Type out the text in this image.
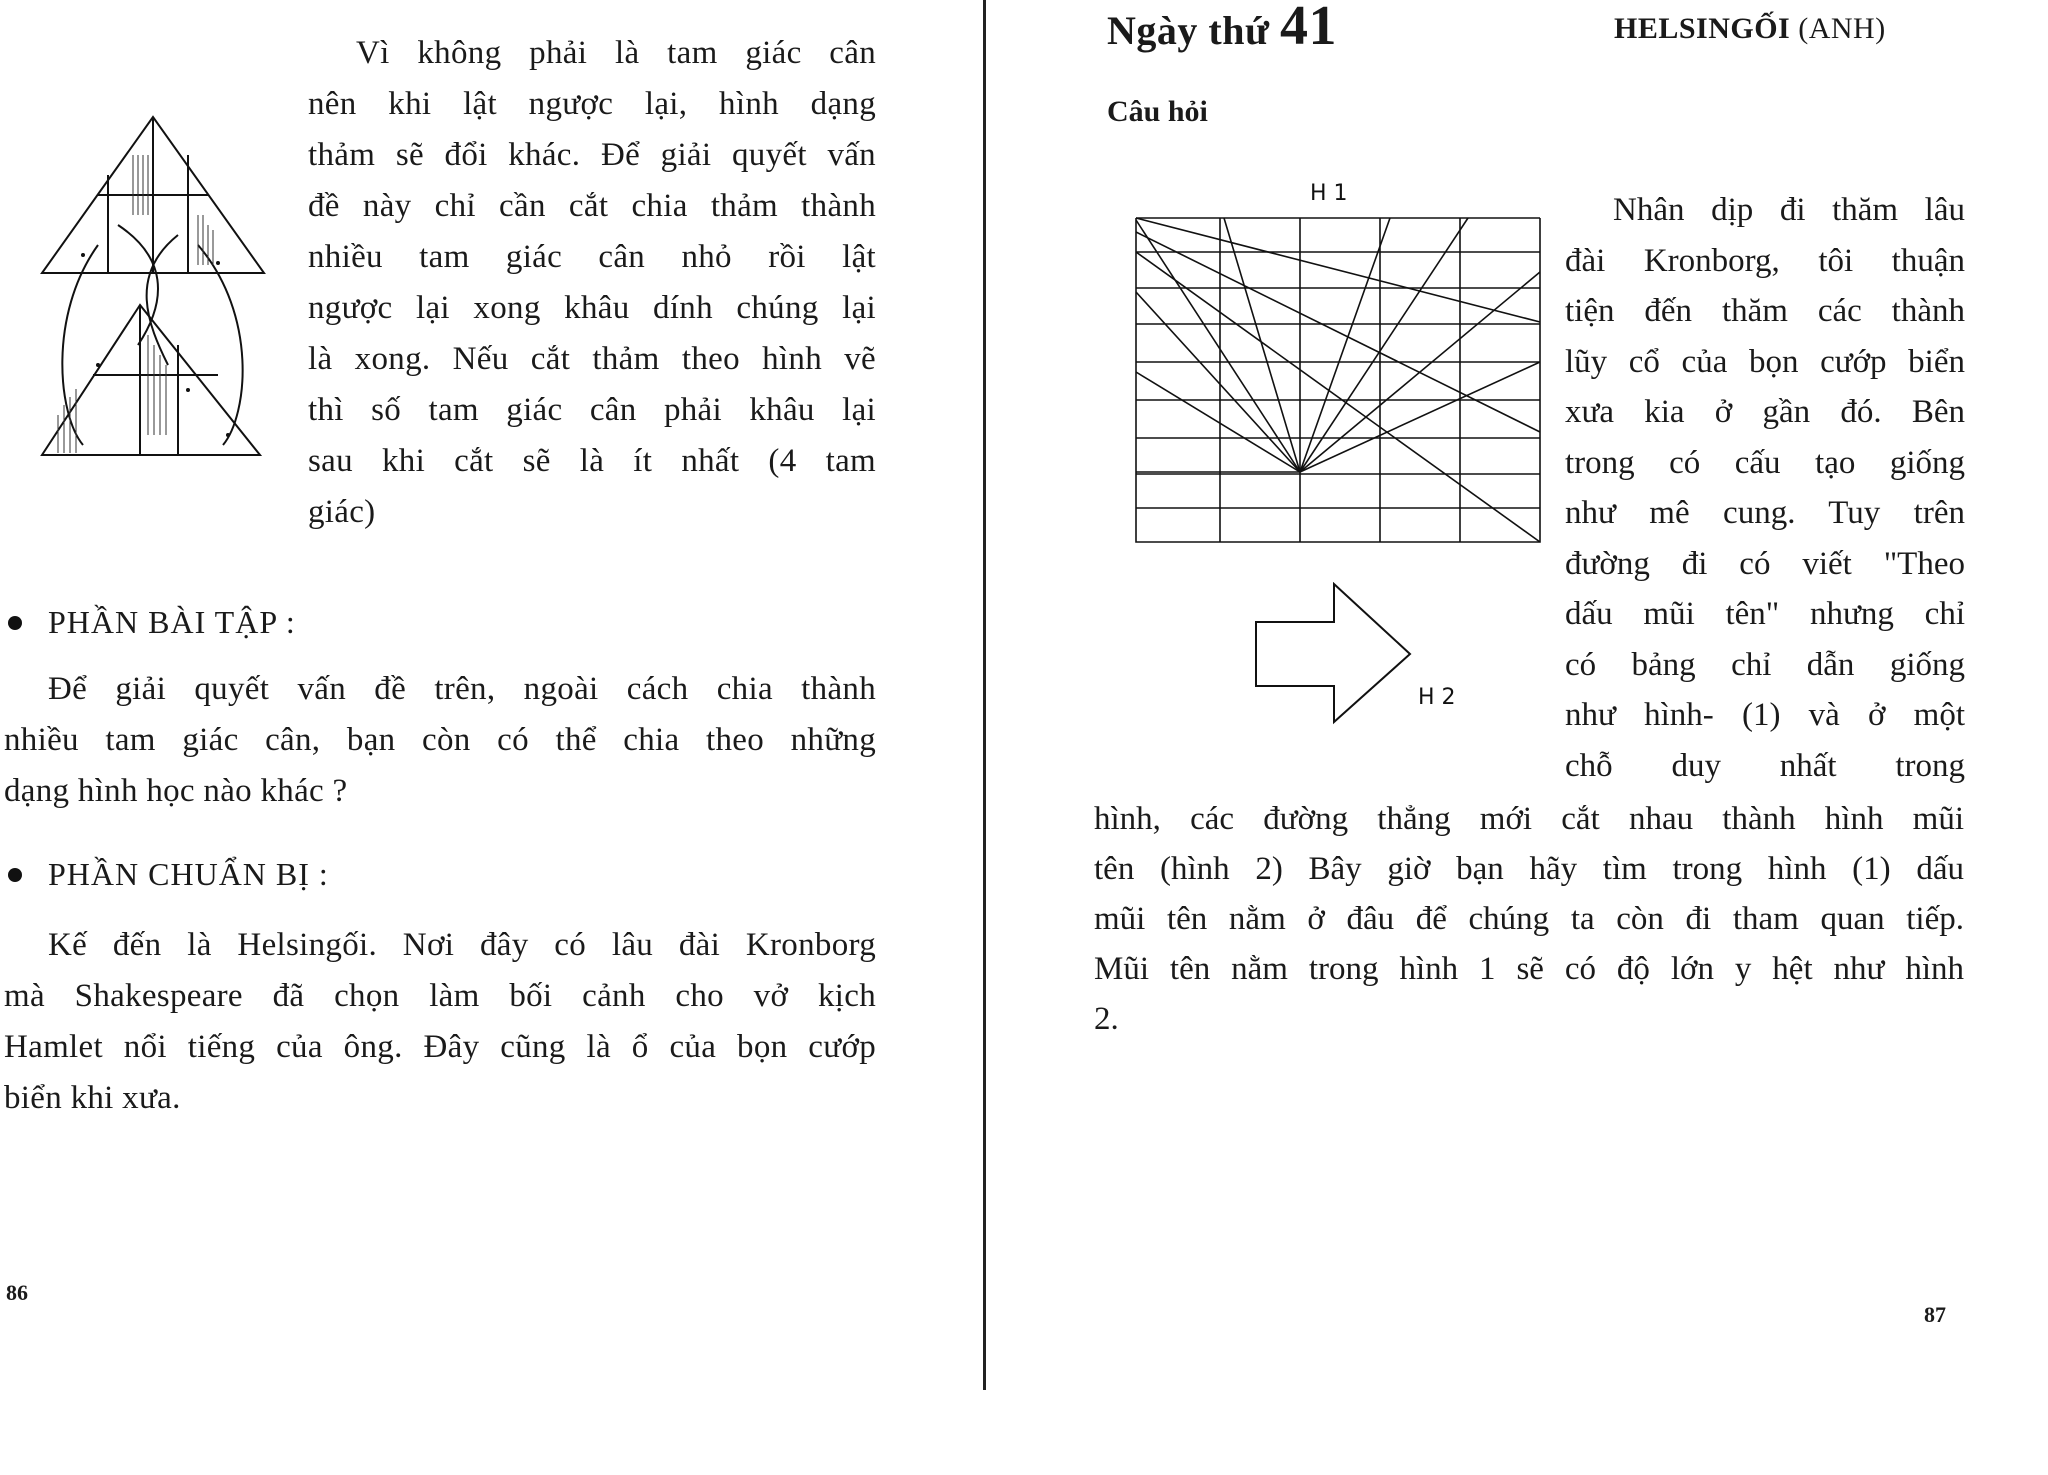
Vì không phải là tam giác cân

nên khi lật ngược lại, hình dạng

thảm sẽ đổi khác. Để giải quyết vấn

đề này chỉ cần cắt chia thảm thành

nhiều tam giác cân nhỏ rồi lật

ngược lại xong khâu dính chúng lại

là xong. Nếu cắt thảm theo hình vẽ

thì số tam giác cân phải khâu lại

sau khi cắt sẽ là ít nhất (4 tam

giác)

PHẦN BÀI TẬP :

Để giải quyết vấn đề trên, ngoài cách chia thành

nhiều tam giác cân, bạn còn có thể chia theo những

dạng hình học nào khác ?

PHẦN CHUẨN BỊ :

Kế đến là Helsingối. Nơi đây có lâu đài Kronborg

mà Shakespeare đã chọn làm bối cảnh cho vở kịch

Hamlet nổi tiếng của ông. Đây cũng là ổ của bọn cướp

biển khi xưa.

86
Ngày thứ 41	HELSINGỐI (ANH)
Câu hỏi
H 1
H 2

Nhân dịp đi thăm lâu

đài Kronborg, tôi thuận

tiện đến thăm các thành

lũy cổ của bọn cướp biển

xưa kia ở gần đó. Bên

trong có cấu tạo giống

như mê cung. Tuy trên

đường đi có viết "Theo

dấu mũi tên" nhưng chỉ

có bảng chỉ dẫn giống

như hình- (1) và ở một

chỗ duy nhất trong

hình, các đường thẳng mới cắt nhau thành hình mũi

tên (hình 2) Bây giờ bạn hãy tìm trong hình (1) dấu

mũi tên nằm ở đâu để chúng ta còn đi tham quan tiếp.

Mũi tên nằm trong hình 1 sẽ có độ lớn y hệt như hình

2.

87
